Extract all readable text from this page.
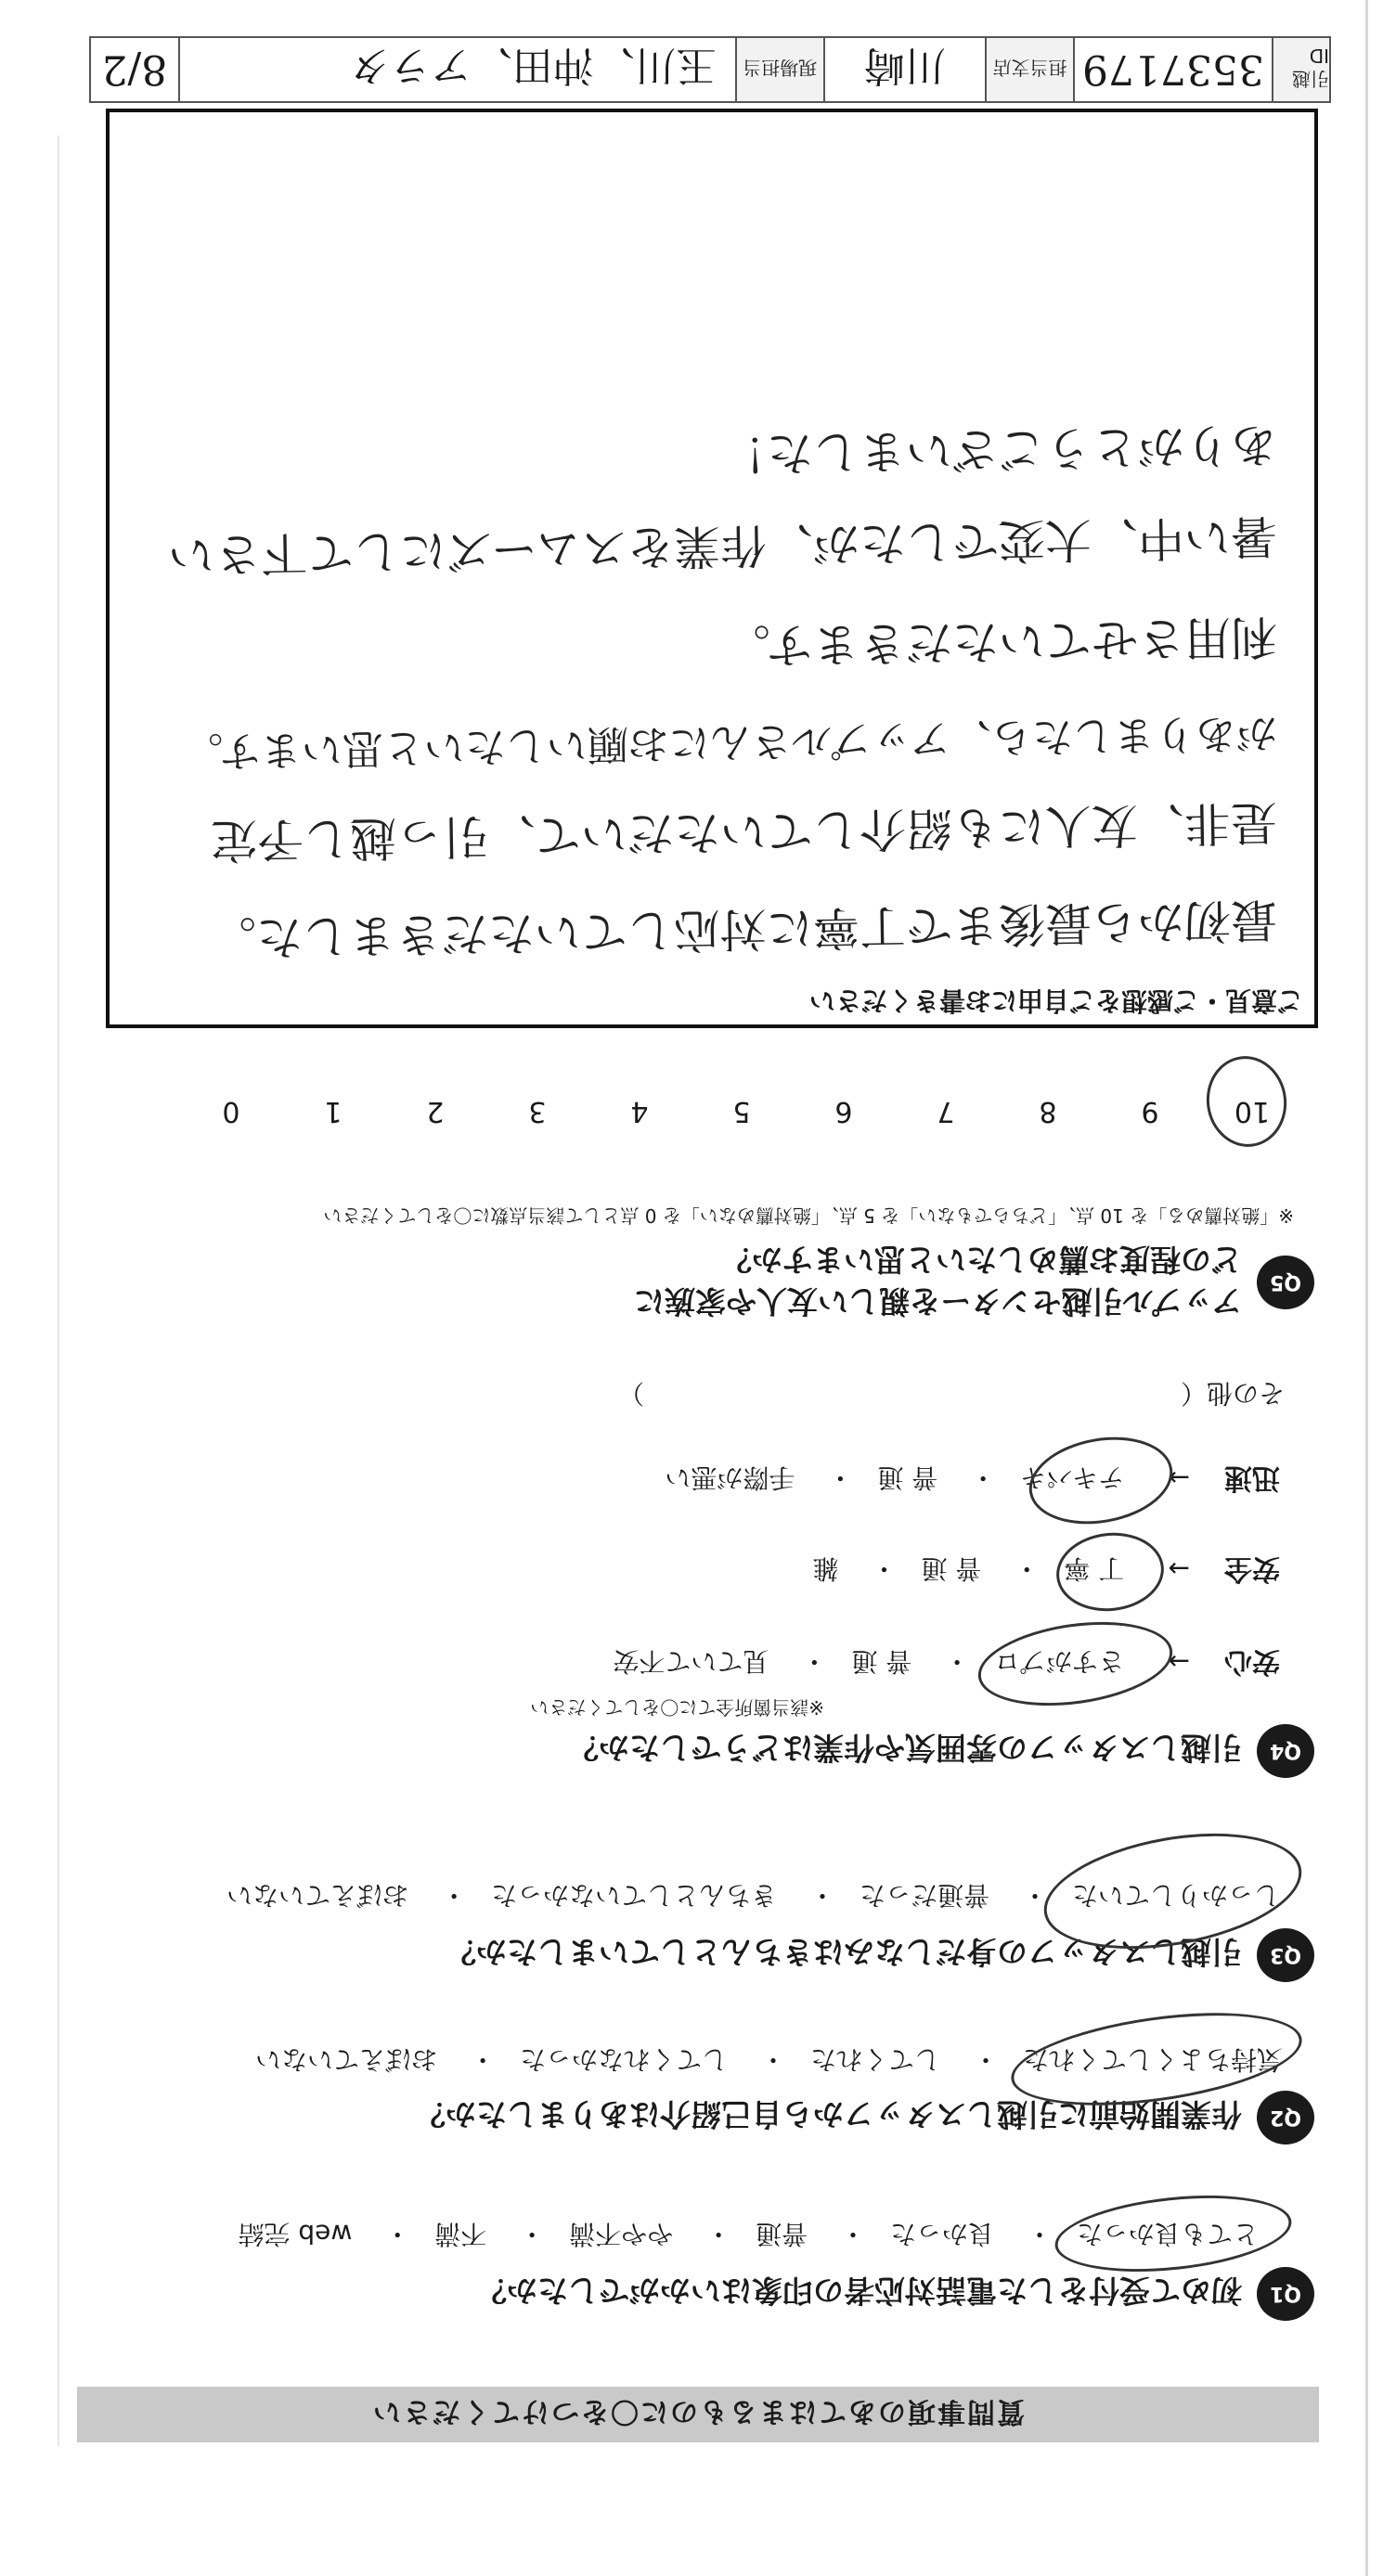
質問事項のあてはまるものに〇をつけてください
Q1
初めて受付をした電話対応者の印象はいかがでしたか？
とても良かった・ 良かった・ 普通・ やや不満・ 不満・ web 完結
Q2
作業開始前に引越しスタッフから自己紹介はありましたか？
気持ちよくしてくれた・ してくれた・ してくれなかった・ おぼえていない
Q3
引越しスタッフの身だしなみはきちんとしていましたか？
しっかりしていた・ 普通だった・ きちんとしていなかった・ おぼえていない
Q4
引越しスタッフの雰囲気や作業はどうでしたか？
※該当箇所全てに〇をしてください
安心 → さすがプロ・ 普 通・ 見ていて不安
安全 → 丁 寧・ 普 通・ 雑
迅速 → テキパキ・ 普 通・ 手際が悪い
その他（  ）
Q5
アップル引越センターを親しい友人や家族に
どの程度お薦めしたいと思いますか？
※「絶対薦める」を 10 点、「どちらでもない」を 5 点、「絶対薦めない」を 0 点として該当点数に〇をしてください
109876543210
ご意見・ご感想をご自由にお書きください
最初から最後まで丁寧に対応していただきました。
是非、友人にも紹介していただいて、引っ越し予定
がありましたら、アップルさんにお願いしたいと思います。
利用させていただきます。
暑い中、大変でしたが、作業をスムーズにして下さい
ありがとうございました！
引越ID
3537179
担当支店
川崎
現場担当
玉川、沖田、アラタ
8/2
